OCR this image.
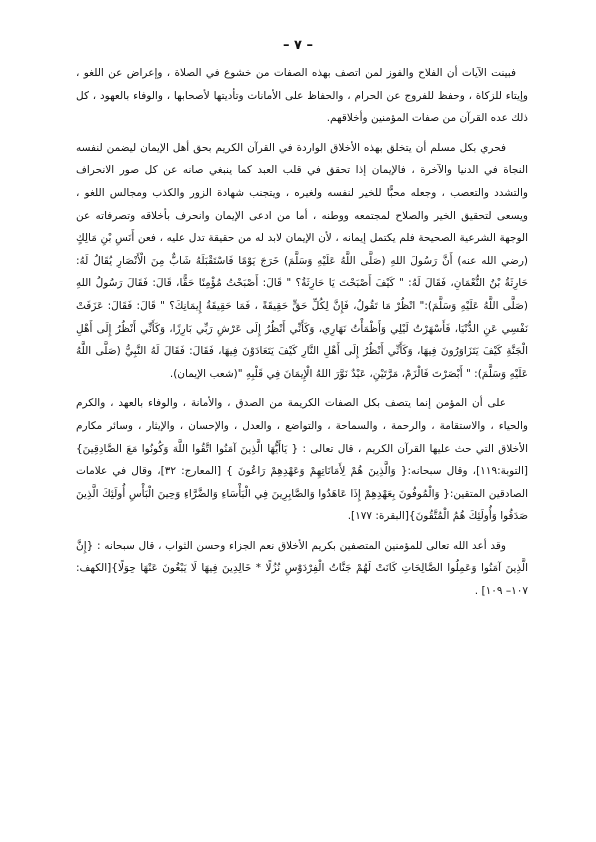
– ٧ –

فبينت الآيات أن الفلاح والفوز لمن اتصف بهذه الصفات من خشوع في الصلاة ، وإعراض عن اللغو ، وإيتاء للزكاة ، وحفظ للفروج عن الحرام ، والحفاظ على الأمانات وتأديتها لأصحابها ، والوفاء بالعهود ، كل ذلك عده القرآن من صفات المؤمنين وأخلاقهم.

فحري بكل مسلم أن يتخلق بهذه الأخلاق الواردة في القرآن الكريم بحق أهل الإيمان ليضمن لنفسه النجاة في الدنيا والآخرة ، فالإيمان إذا تحقق في قلب العبد كما ينبغي صانه عن كل صور الانحراف والتشدد والتعصب ، وجعله محبًّا للخير لنفسه ولغيره ، ويتجنب شهادة الزور والكذب ومجالس اللغو ، ويسعى لتحقيق الخير والصلاح لمجتمعه ووطنه ، أما من ادعى الإيمان وانحرف بأخلاقه وتصرفاته عن الوجهة الشرعية الصحيحة فلم يكتمل إيمانه ، لأن الإيمان لابد له من حقيقة تدل عليه ، فعن أَنَسِ بْنِ مَالِكٍ (رضي الله عنه) أَنَّ رَسُولَ اللهِ (صَلَّى اللَّهُ عَلَيْهِ وَسَلَّمَ) خَرَجَ يَوْمًا فَاسْتَقْبَلَهُ شَابٌّ مِنَ الْأَنْصَارِ يُقَالُ لَهُ: حَارِثَةُ بْنُ النُّعْمَانِ، فَقَالَ لَهُ: " كَيْفَ أَصْبَحْتَ يَا حَارِثَةُ؟ " قَالَ: أَصْبَحْتُ مُؤْمِنًا حَقًّا، قَالَ: فَقَالَ رَسُولُ اللهِ (صَلَّى اللَّهُ عَلَيْهِ وَسَلَّمَ):" انْظُرْ مَا تَقُولُ، فَإِنَّ لِكُلِّ حَقٍّ حَقِيقَةً ، فَمَا حَقِيقَةُ إِيمَانِكَ؟ " قَالَ: فَقَالَ: عَزَفَتْ نَفْسِي عَنِ الدُّنْيَا، فَأَسْهَرْتُ لَيْلِي وَأَظْمَأْتُ نَهَارِي، وَكَأَنِّي أَنْظُرُ إِلَى عَرْشِ رَبِّي بَارِزًا، وَكَأَنِّي أَنْظُرُ إِلَى أَهْلِ الْجَنَّةِ كَيْفَ يَتَزَاوَرُونَ فِيهَا، وَكَأَنِّي أَنْظُرُ إِلَى أَهْلِ النَّارِ كَيْفَ يَتَعَادَوْنَ فِيهَا، فَقَالَ: فَقَالَ لَهُ النَّبِيُّ (صَلَّى اللَّهُ عَلَيْهِ وَسَلَّمَ): " أَبْصَرْتَ فَالْزَمْ، مَرَّتَيْنِ، عَبْدٌ نَوَّرَ اللهُ الْإِيمَانَ فِي قَلْبِهِ "(شعب الإيمان).

على أن المؤمن إنما يتصف بكل الصفات الكريمة من الصدق ، والأمانة ، والوفاء بالعهد ، والكرم والحياء ، والاستقامة ، والرحمة ، والسماحة ، والتواضع ، والعدل ، والإحسان ، والإيثار ، وسائر مكارم الأخلاق التي حث عليها القرآن الكريم ، قال تعالى : { يَاأَيُّهَا الَّذِينَ آمَنُوا اتَّقُوا اللَّهَ وَكُونُوا مَعَ الصَّادِقِينَ} [التوبة:١١٩]، وقال سبحانه:{ وَالَّذِينَ هُمْ لِأَمَانَاتِهِمْ وَعَهْدِهِمْ رَاعُونَ } [المعارج: ٣٢]، وقال في علامات الصادقين المتقين:{ وَالْمُوفُونَ بِعَهْدِهِمْ إِذَا عَاهَدُوا وَالصَّابِرِينَ فِي الْبَأْسَاءِ وَالضَّرَّاءِ وَحِينَ الْبَأْسِ أُولَئِكَ الَّذِينَ صَدَقُوا وَأُولَئِكَ هُمُ الْمُتَّقُونَ}[البقرة: ١٧٧].

وقد أعد الله تعالى للمؤمنين المتصفين بكريم الأخلاق نعم الجزاء وحسن الثواب ، قال سبحانه : {إِنَّ الَّذِينَ آمَنُوا وَعَمِلُوا الصَّالِحَاتِ كَانَتْ لَهُمْ جَنَّاتُ الْفِرْدَوْسِ نُزُلًا * خَالِدِينَ فِيهَا لَا يَبْغُونَ عَنْهَا حِوَلًا}[الكهف: ١٠٧– ١٠٩] .
